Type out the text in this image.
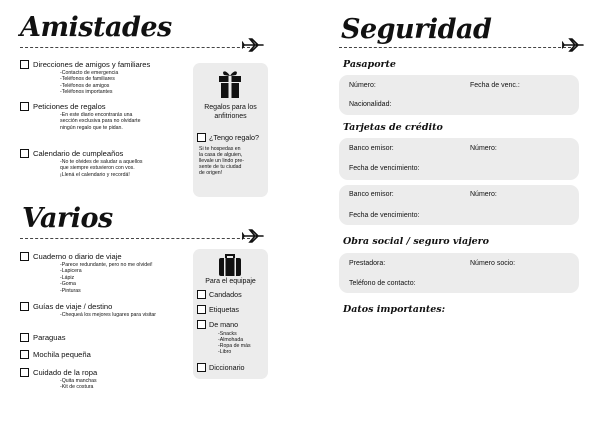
Amistades
Direcciones de amigos y familiares
-Contacto de emergencia
-Teléfonos de familiares
-Teléfonos de amigos
-Teléfonos importantes
Peticiones de regalos
-En este diario encontrarás una
sección exclusiva para no olvidarte
ningún regalo que te pidan.
Calendario de cumpleaños
-No te olvides de saludar a aquellos
que siempre estuvieron con vos.
¡Llená el calendario y recordá!
Regalos para los
anfitriones
¿Tengo regalo?
Si te hospedas en
la casa de alguien,
llevale un lindo pre-
sente de tu ciudad
de origen!
Varios
Cuaderno o diario de viaje
-Parece redundante, pero no me olvidei!
-Lapicera
-Lápiz
-Goma
-Pinturas
Guías de viaje / destino
-Chequeá los mejores lugares para visitar
Paraguas
Mochila pequeña
Cuidado de la ropa
-Quita manchas
-Kit de costura
Para el equipaje
Candados
Etiquetas
De mano
-Snacks
-Almohada
-Ropa de más
-Libro
Diccionario
Seguridad
Pasaporte
Número:	Fecha de venc.:
Nacionalidad:
Tarjetas de crédito
Banco emisor:	Número:
Fecha de vencimiento:
Banco emisor:	Número:
Fecha de vencimiento:
Obra social / seguro viajero
Prestadora:	Número socio:
Teléfono de contacto:
Datos importantes:
